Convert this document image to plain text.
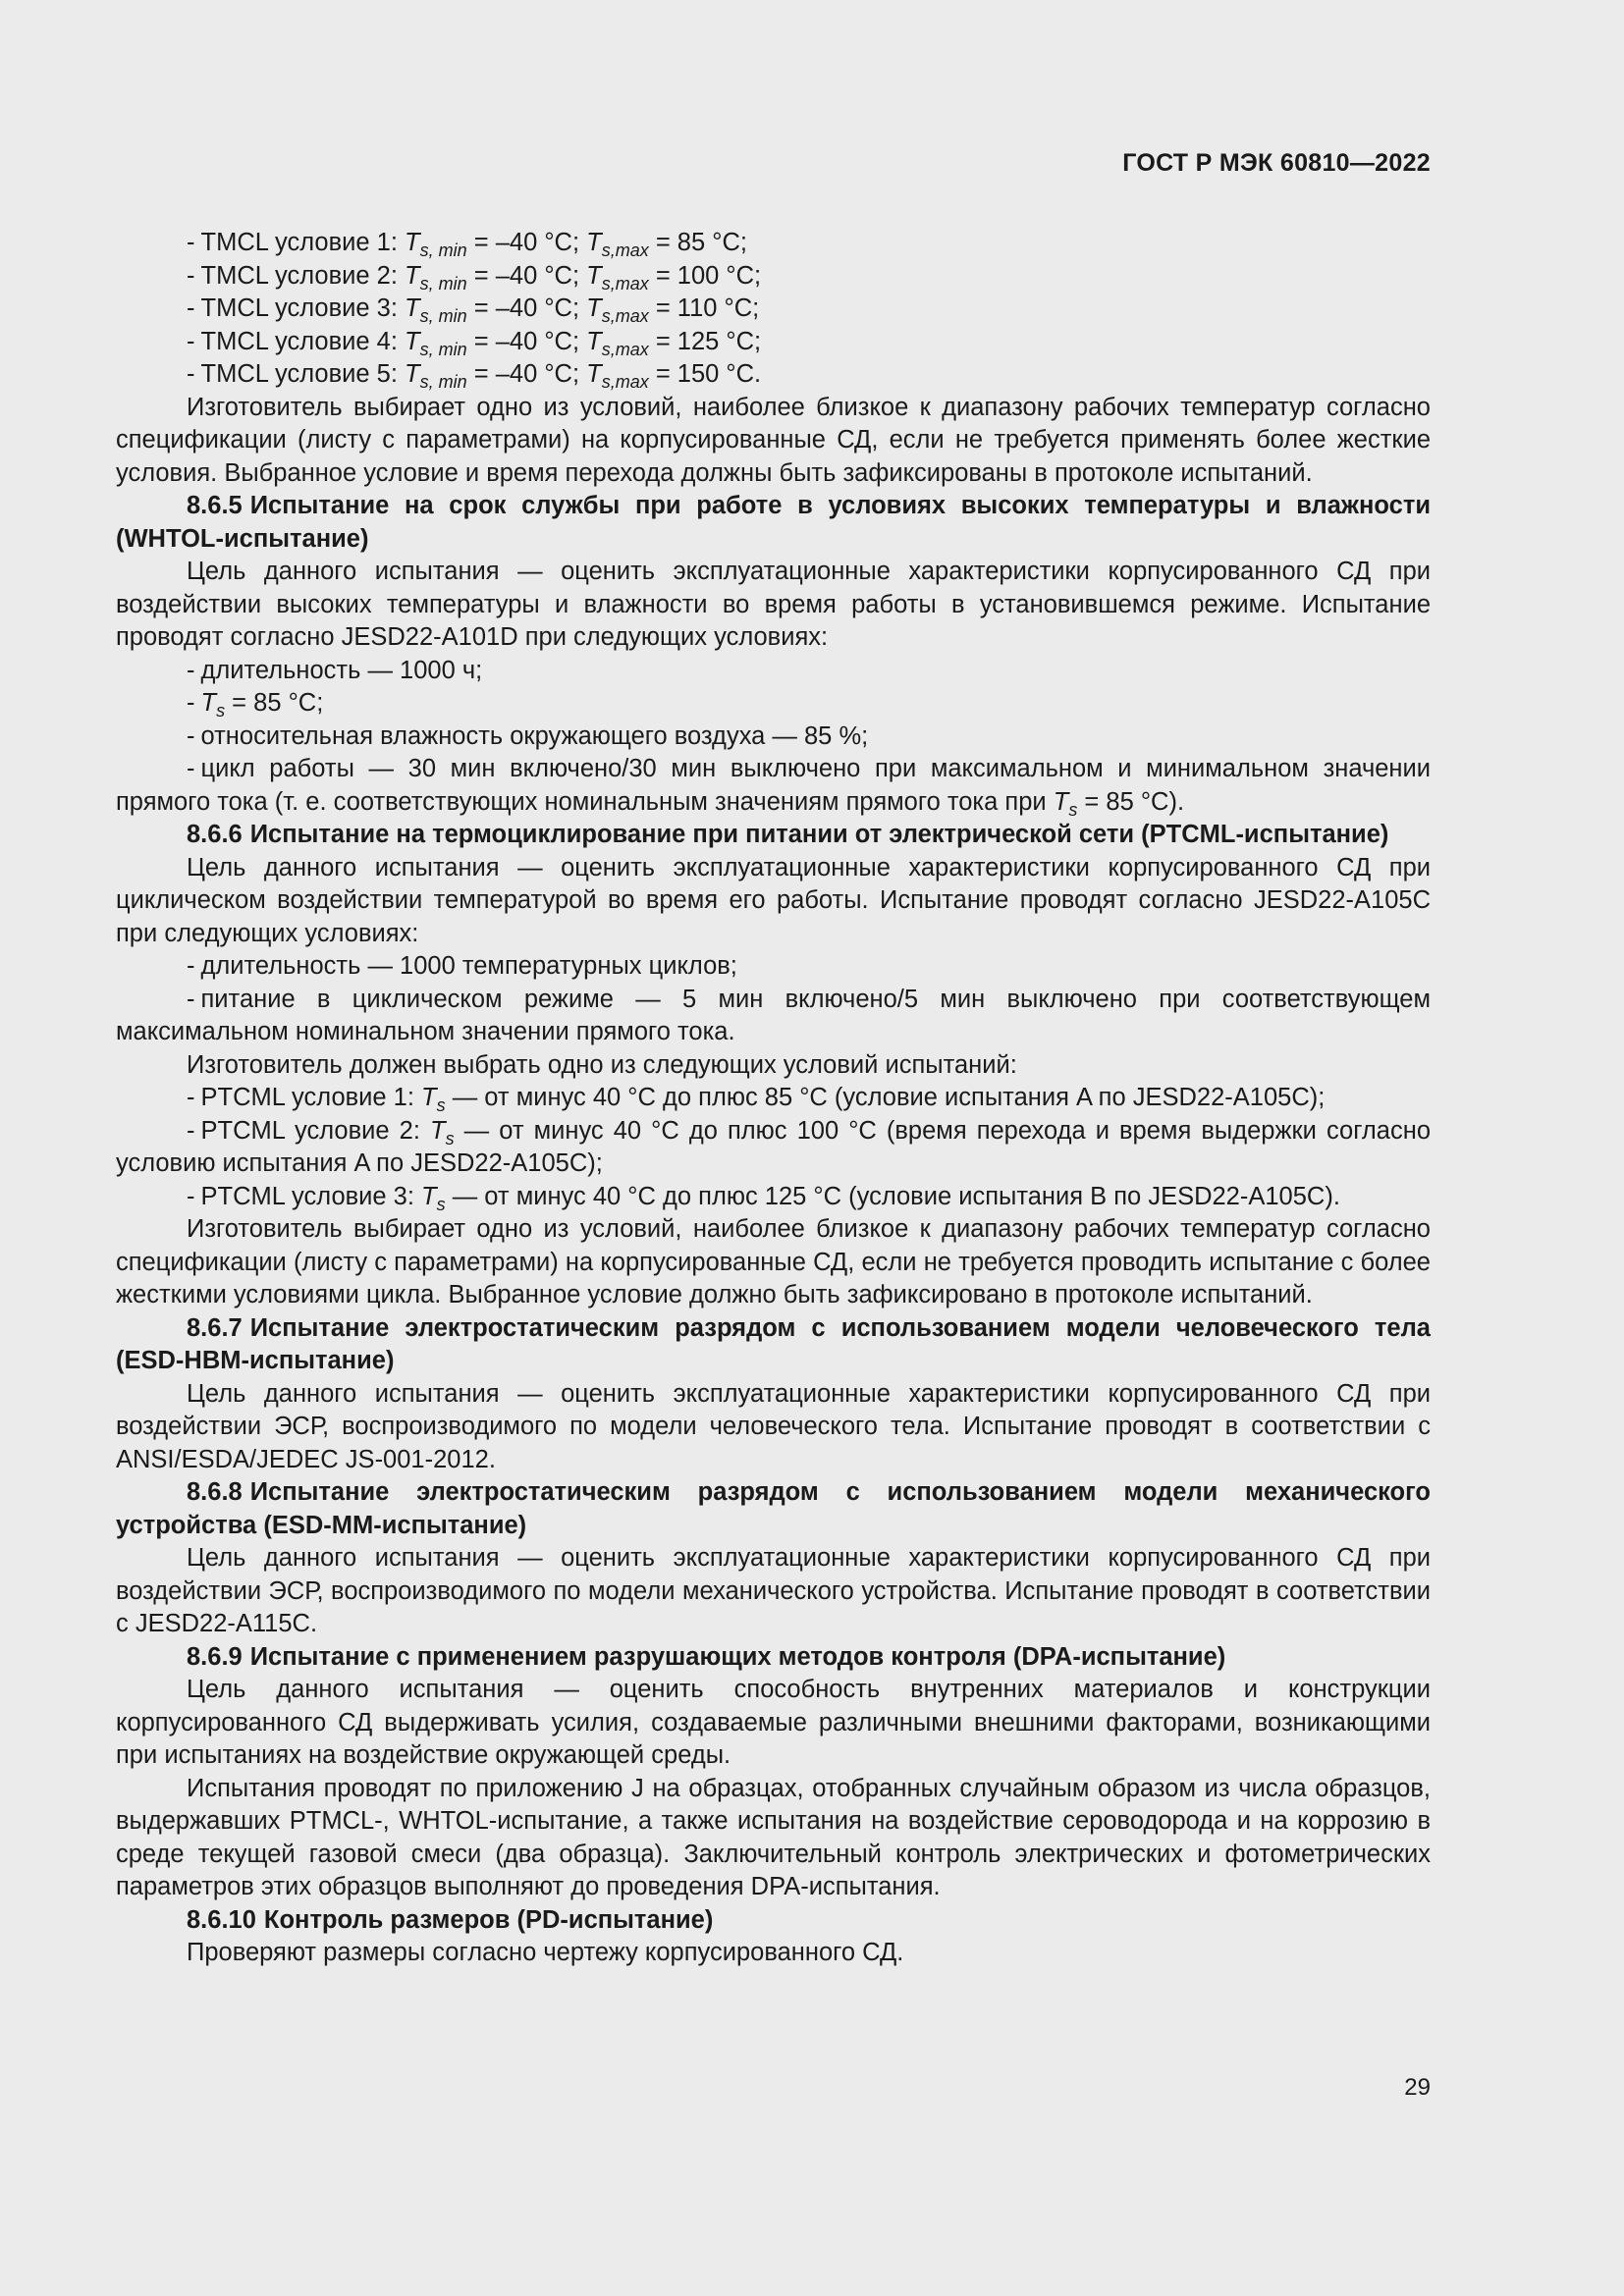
ГОСТ Р МЭК 60810—2022

- TMCL условие 1: $T_{s, min} = -40$ °C; $T_{s,max} = 85$ °C;

- TMCL условие 2: $T_{s, min} = -40$ °C; $T_{s,max} = 100$ °C;

- TMCL условие 3: $T_{s, min} = -40$ °C; $T_{s,max} = 110$ °C;

- TMCL условие 4: $T_{s, min} = -40$ °C; $T_{s,max} = 125$ °C;

- TMCL условие 5: $T_{s, min} = -40$ °C; $T_{s,max} = 150$ °C.

Изготовитель выбирает одно из условий, наиболее близкое к диапазону рабочих температур согласно спецификации (листу с параметрами) на корпусированные СД, если не требуется применять более жесткие условия. Выбранное условие и время перехода должны быть зафиксированы в протоколе испытаний.

8.6.5 Испытание на срок службы при работе в условиях высоких температуры и влажности (WHTOL-испытание)

Цель данного испытания — оценить эксплуатационные характеристики корпусированного СД при воздействии высоких температуры и влажности во время работы в установившемся режиме. Испытание проводят согласно JESD22-A101D при следующих условиях:

- длительность — 1000 ч;

- $T_s = 85$ °C;

- относительная влажность окружающего воздуха — 85 %;

- цикл работы — 30 мин включено/30 мин выключено при максимальном и минимальном значении прямого тока (т. е. соответствующих номинальным значениям прямого тока при $T_s = 85$ °C).

8.6.6 Испытание на термоциклирование при питании от электрической сети (PTCML-испытание)

Цель данного испытания — оценить эксплуатационные характеристики корпусированного СД при циклическом воздействии температурой во время его работы. Испытание проводят согласно JESD22-A105C при следующих условиях:

- длительность — 1000 температурных циклов;

- питание в циклическом режиме — 5 мин включено/5 мин выключено при соответствующем максимальном номинальном значении прямого тока.

Изготовитель должен выбрать одно из следующих условий испытаний:

- PTCML условие 1: $T_s$ — от минус 40 °C до плюс 85 °C (условие испытания A по JESD22-A105C);

- PTCML условие 2: $T_s$ — от минус 40 °C до плюс 100 °C (время перехода и время выдержки согласно условию испытания A по JESD22-A105C);

- PTCML условие 3: $T_s$ — от минус 40 °C до плюс 125 °C (условие испытания B по JESD22-A105C).

Изготовитель выбирает одно из условий, наиболее близкое к диапазону рабочих температур согласно спецификации (листу с параметрами) на корпусированные СД, если не требуется проводить испытание с более жесткими условиями цикла. Выбранное условие должно быть зафиксировано в протоколе испытаний.

8.6.7 Испытание электростатическим разрядом с использованием модели человеческого тела (ESD-HBM-испытание)

Цель данного испытания — оценить эксплуатационные характеристики корпусированного СД при воздействии ЭСР, воспроизводимого по модели человеческого тела. Испытание проводят в соответствии с ANSI/ESDA/JEDEC JS-001-2012.

8.6.8 Испытание электростатическим разрядом с использованием модели механического устройства (ESD-MM-испытание)

Цель данного испытания — оценить эксплуатационные характеристики корпусированного СД при воздействии ЭСР, воспроизводимого по модели механического устройства. Испытание проводят в соответствии с JESD22-A115C.

8.6.9 Испытание с применением разрушающих методов контроля (DPA-испытание)

Цель данного испытания — оценить способность внутренних материалов и конструкции корпусированного СД выдерживать усилия, создаваемые различными внешними факторами, возникающими при испытаниях на воздействие окружающей среды.

Испытания проводят по приложению J на образцах, отобранных случайным образом из числа образцов, выдержавших PTMCL-, WHTOL-испытание, а также испытания на воздействие сероводорода и на коррозию в среде текущей газовой смеси (два образца). Заключительный контроль электрических и фотометрических параметров этих образцов выполняют до проведения DPA-испытания.

8.6.10 Контроль размеров (PD-испытание)

Проверяют размеры согласно чертежу корпусированного СД.

29
